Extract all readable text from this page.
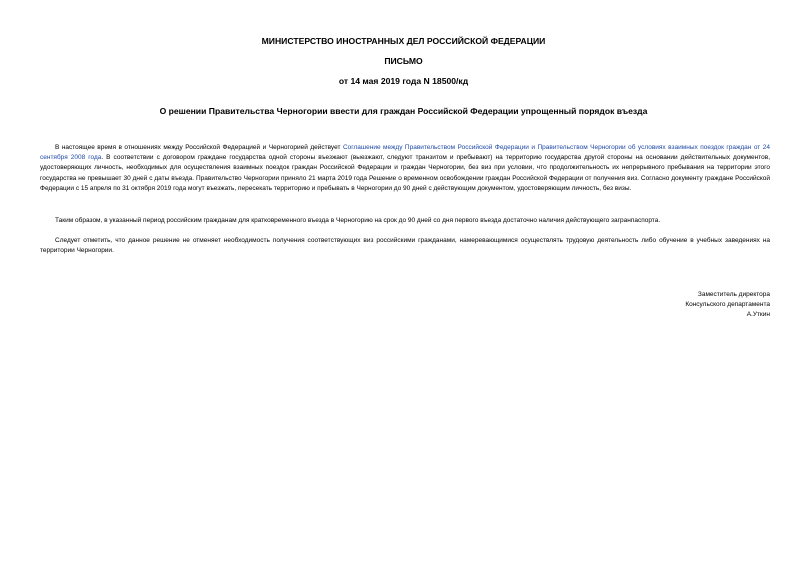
МИНИСТЕРСТВО ИНОСТРАННЫХ ДЕЛ РОССИЙСКОЙ ФЕДЕРАЦИИ
ПИСЬМО
от 14 мая 2019 года N 18500/кд
О решении Правительства Черногории ввести для граждан Российской Федерации упрощенный порядок въезда
В настоящее время в отношениях между Российской Федерацией и Черногорией действует Соглашение между Правительством Российской Федерации и Правительством Черногории об условиях взаимных поездок граждан от 24 сентября 2008 года. В соответствии с договором граждане государства одной стороны въезжают (выезжают, следуют транзитом и пребывают) на территорию государства другой стороны на основании действительных документов, удостоверяющих личность, необходимых для осуществления взаимных поездок граждан Российской Федерации и граждан Черногории, без виз при условии, что продолжительность их непрерывного пребывания на территории этого государства не превышает 30 дней с даты въезда. Правительство Черногории приняло 21 марта 2019 года Решение о временном освобождении граждан Российской Федерации от получения виз. Согласно документу граждане Российской Федерации с 15 апреля по 31 октября 2019 года могут въезжать, пересекать территорию и пребывать в Черногории до 90 дней с действующим документом, удостоверяющим личность, без визы.
Таким образом, в указанный период российским гражданам для кратковременного въезда в Черногорию на срок до 90 дней со дня первого въезда достаточно наличия действующего загранпаспорта.
Следует отметить, что данное решение не отменяет необходимость получения соответствующих виз российскими гражданами, намеревающимися осуществлять трудовую деятельность либо обучение в учебных заведениях на территории Черногории.
Заместитель директора
Консульского департамента
А.Уткин
